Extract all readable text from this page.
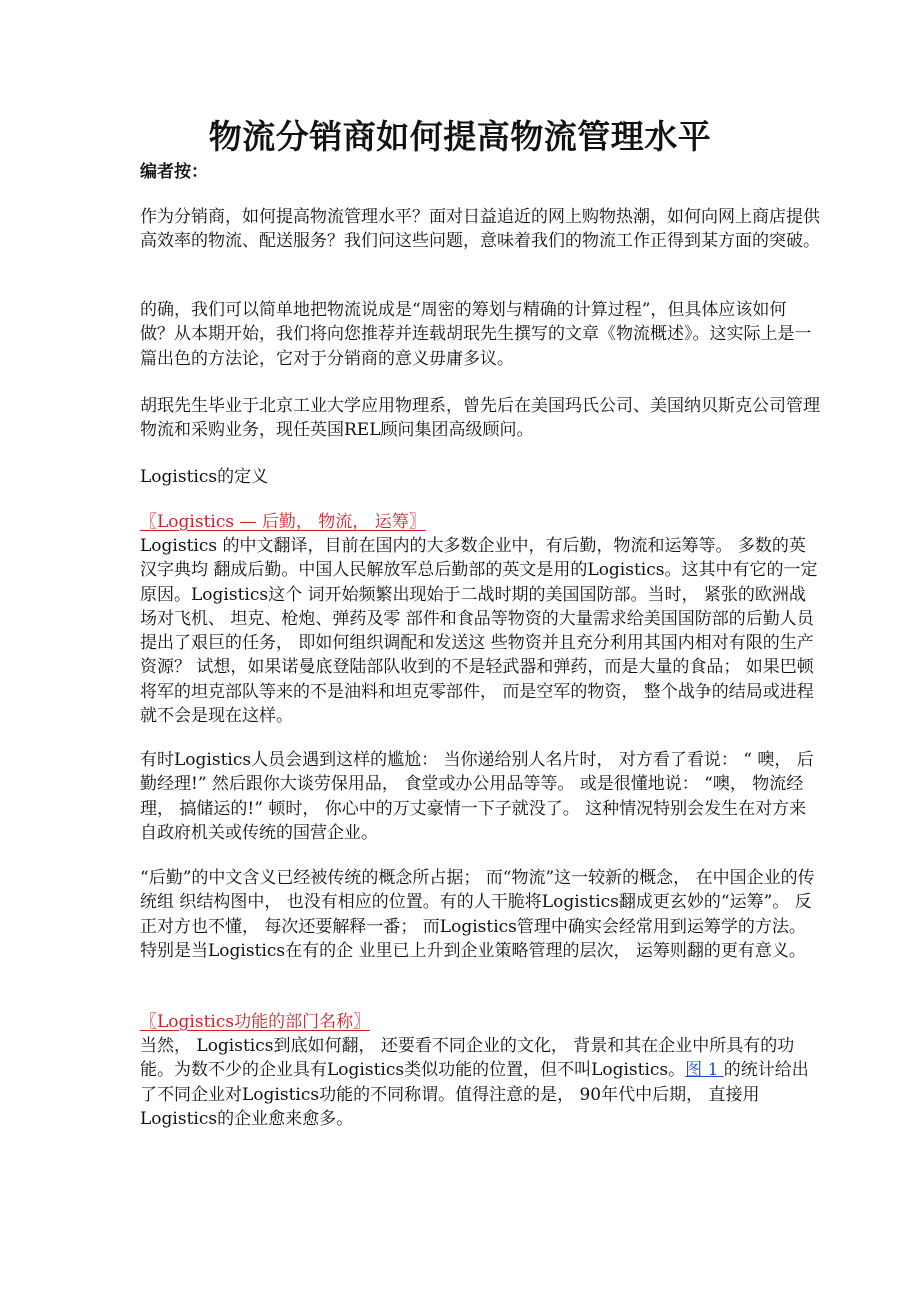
物流分销商如何提高物流管理水平
编者按：

作为分销商，如何提高物流管理水平？面对日益追近的网上购物热潮，如何向网上商店提供高效率的物流、配送服务？我们问这些问题，意味着我们的物流工作正得到某方面的突破。

的确，我们可以简单地把物流说成是“周密的筹划与精确的计算过程”，但具体应该如何做？从本期开始，我们将向您推荐并连载胡珉先生撰写的文章《物流概述》。这实际上是一篇出色的方法论，它对于分销商的意义毋庸多议。

胡珉先生毕业于北京工业大学应用物理系，曾先后在美国玛氏公司、美国纳贝斯克公司管理物流和采购业务，现任英国REL顾问集团高级顾问。

Logistics的定义
〖Logistics — 后勤， 物流， 运筹〗

Logistics 的中文翻译，目前在国内的大多数企业中，有后勤，物流和运筹等。 多数的英汉字典均 翻成后勤。中国人民解放军总后勤部的英文是用的Logistics。这其中有它的一定原因。Logistics这个 词开始频繁出现始于二战时期的美国国防部。当时， 紧张的欧洲战场对飞机、 坦克、枪炮、弹药及零 部件和食品等物资的大量需求给美国国防部的后勤人员提出了艰巨的任务， 即如何组织调配和发送这 些物资并且充分利用其国内相对有限的生产资源？ 试想，如果诺曼底登陆部队收到的不是轻武器和弹药，而是大量的食品； 如果巴顿将军的坦克部队等来的不是油料和坦克零部件， 而是空军的物资， 整个战争的结局或进程就不会是现在这样。

有时Logistics人员会遇到这样的尴尬： 当你递给别人名片时， 对方看了看说： “ 噢， 后勤经理!” 然后跟你大谈劳保用品， 食堂或办公用品等等。 或是很懂地说： “噢， 物流经理， 搞储运的!” 顿时， 你心中的万丈豪情一下子就没了。 这种情况特别会发生在对方来自政府机关或传统的国营企业。

“后勤”的中文含义已经被传统的概念所占据； 而“物流”这一较新的概念， 在中国企业的传统组 织结构图中， 也没有相应的位置。有的人干脆将Logistics翻成更玄妙的“运筹”。 反正对方也不懂， 每次还要解释一番； 而Logistics管理中确实会经常用到运筹学的方法。 特别是当Logistics在有的企 业里已上升到企业策略管理的层次， 运筹则翻的更有意义。

〖Logistics功能的部门名称〗

当然， Logistics到底如何翻， 还要看不同企业的文化， 背景和其在企业中所具有的功能。为数不少的企业具有Logistics类似功能的位置，但不叫Logistics。图 1 的统计给出了不同企业对Logistics功能的不同称谓。值得注意的是， 90年代中后期， 直接用Logistics的企业愈来愈多。
